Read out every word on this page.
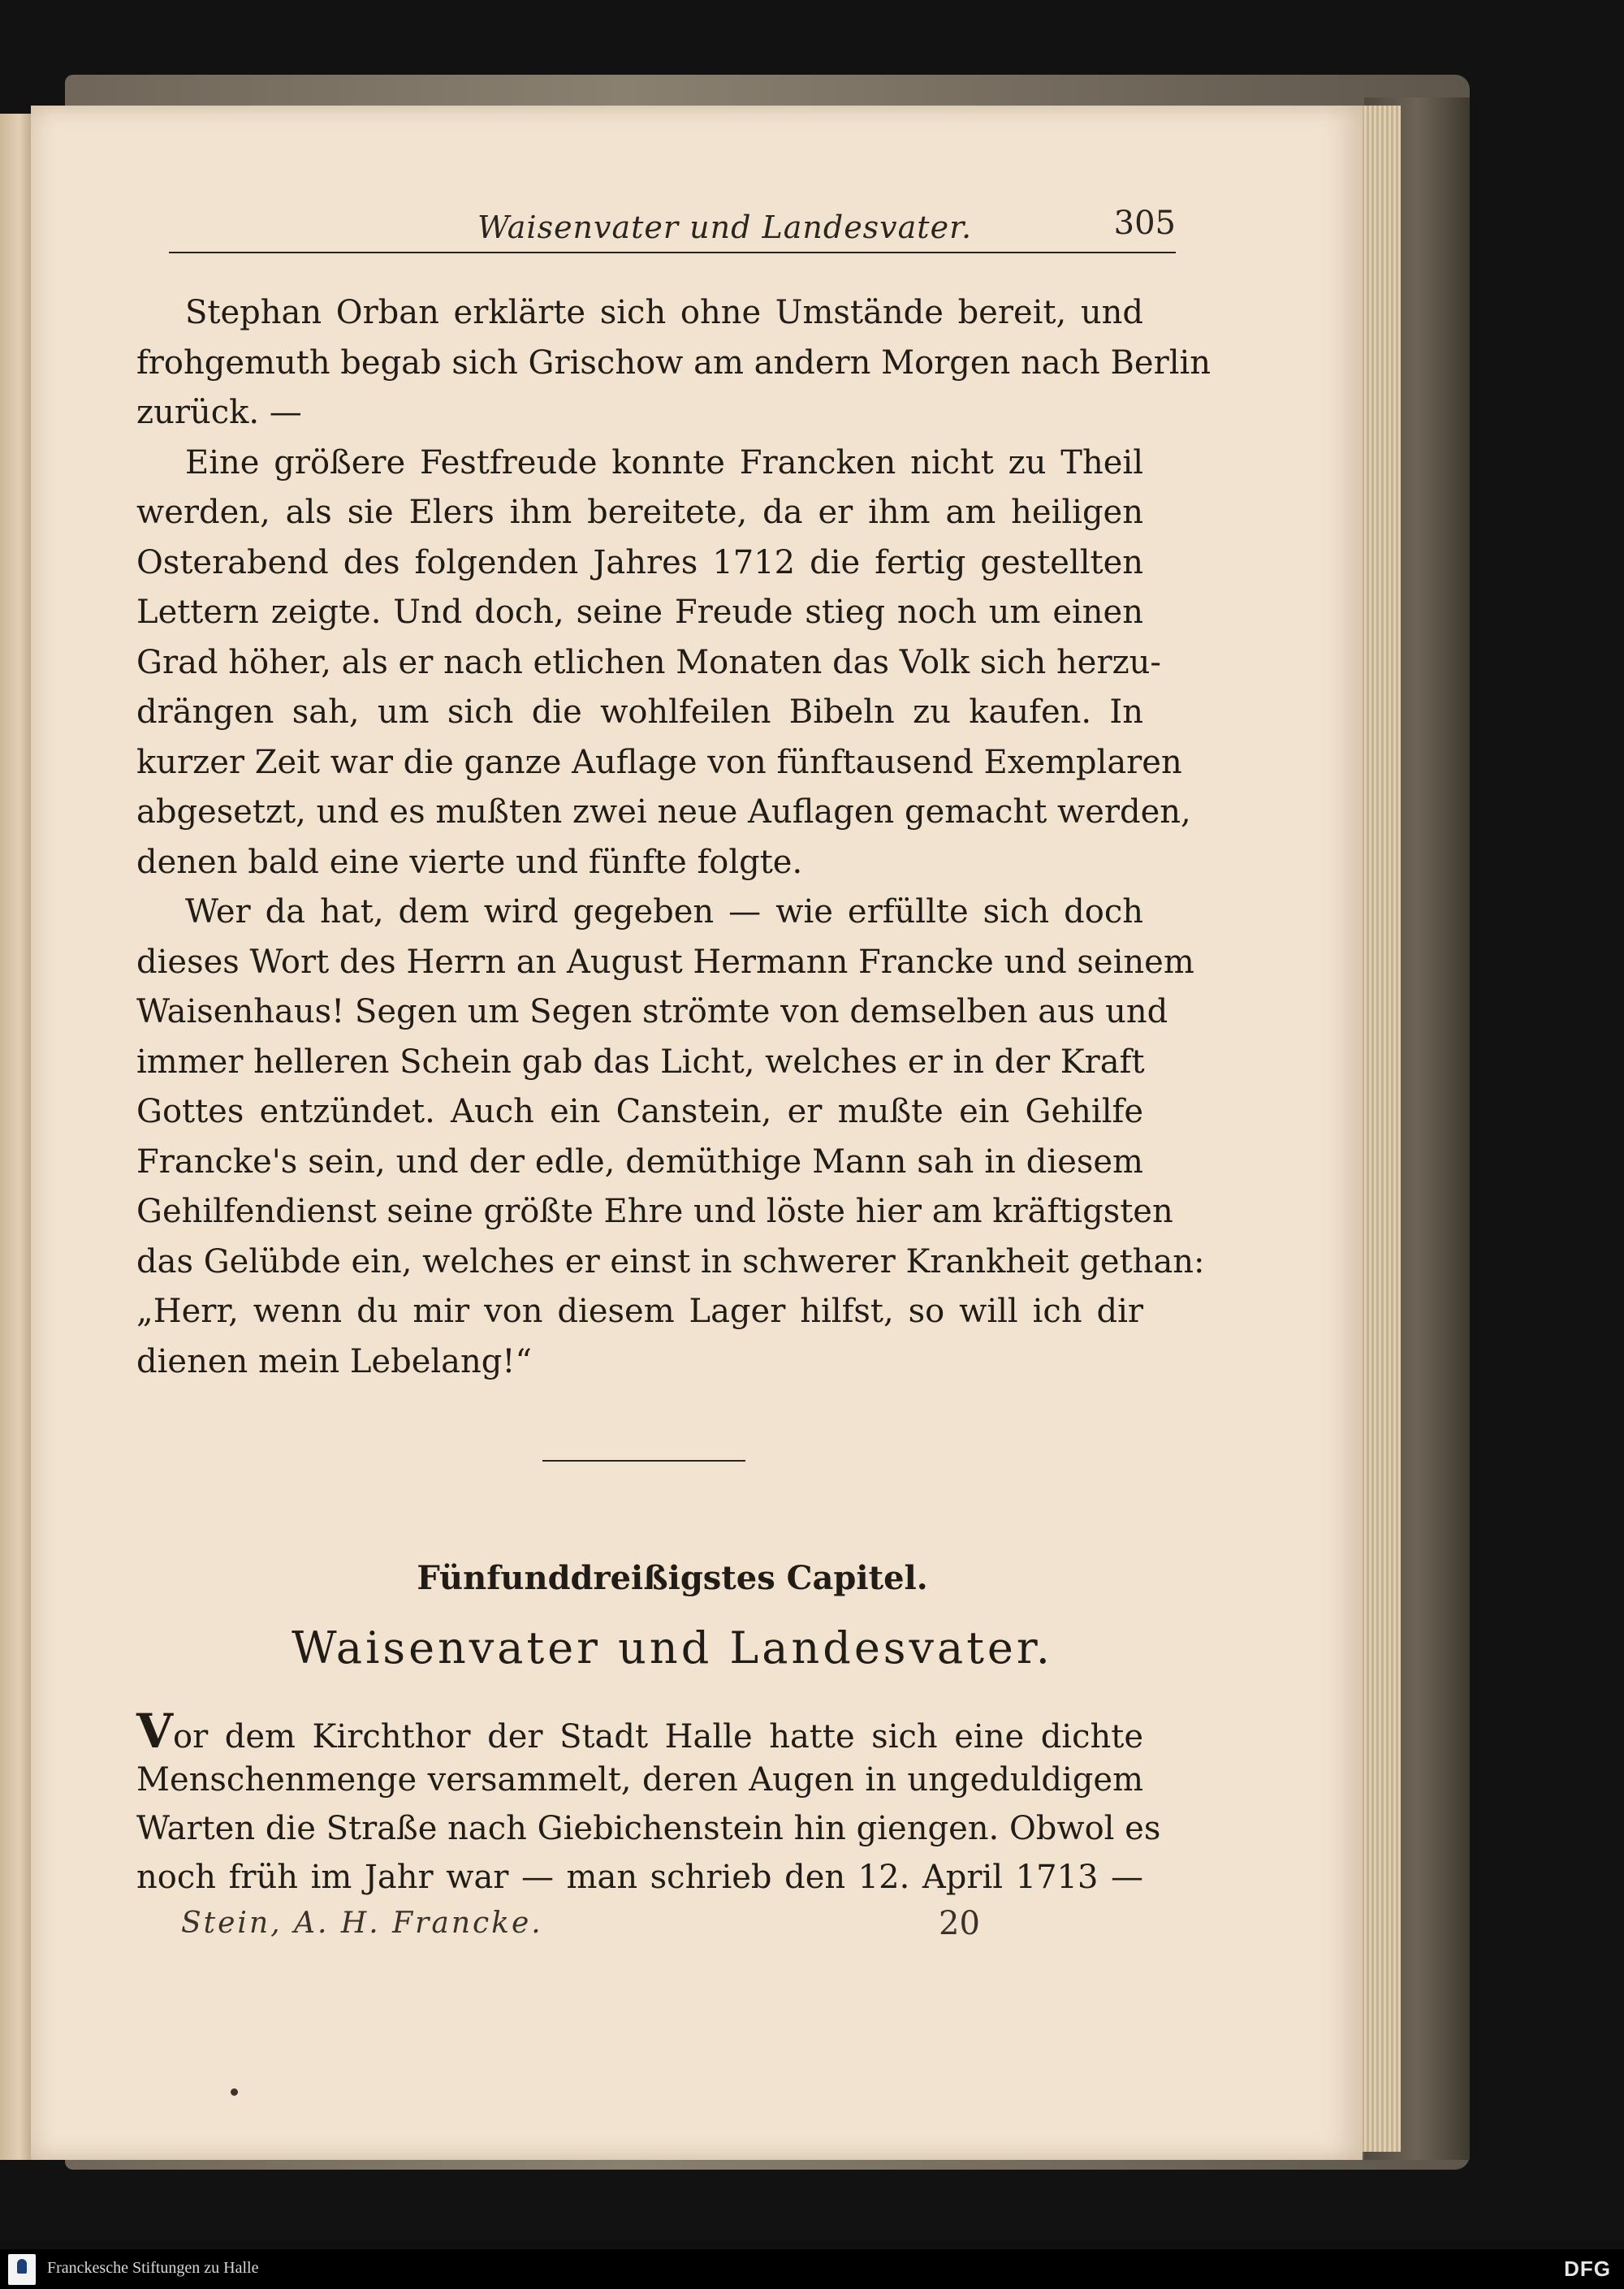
Waisenvater und Landesvater.	305
Stephan Orban erklärte sich ohne Umstände bereit, und
frohgemuth begab sich Grischow am andern Morgen nach Berlin
zurück. —
Eine größere Festfreude konnte Francken nicht zu Theil
werden, als sie Elers ihm bereitete, da er ihm am heiligen
Osterabend des folgenden Jahres 1712 die fertig gestellten
Lettern zeigte. Und doch, seine Freude stieg noch um einen
Grad höher, als er nach etlichen Monaten das Volk sich herzu-
drängen sah, um sich die wohlfeilen Bibeln zu kaufen. In
kurzer Zeit war die ganze Auflage von fünftausend Exemplaren
abgesetzt, und es mußten zwei neue Auflagen gemacht werden,
denen bald eine vierte und fünfte folgte.
Wer da hat, dem wird gegeben — wie erfüllte sich doch
dieses Wort des Herrn an August Hermann Francke und seinem
Waisenhaus! Segen um Segen strömte von demselben aus und
immer helleren Schein gab das Licht, welches er in der Kraft
Gottes entzündet. Auch ein Canstein, er mußte ein Gehilfe
Francke's sein, und der edle, demüthige Mann sah in diesem
Gehilfendienst seine größte Ehre und löste hier am kräftigsten
das Gelübde ein, welches er einst in schwerer Krankheit gethan:
„Herr, wenn du mir von diesem Lager hilfst, so will ich dir
dienen mein Lebelang!“
Fünfunddreißigstes Capitel.
Waisenvater und Landesvater.
Vor dem Kirchthor der Stadt Halle hatte sich eine dichte
Menschenmenge versammelt, deren Augen in ungeduldigem
Warten die Straße nach Giebichenstein hin giengen. Obwol es
noch früh im Jahr war — man schrieb den 12. April 1713 —
Stein, A. H. Francke.	20
Franckesche Stiftungen zu Halle	DFG
